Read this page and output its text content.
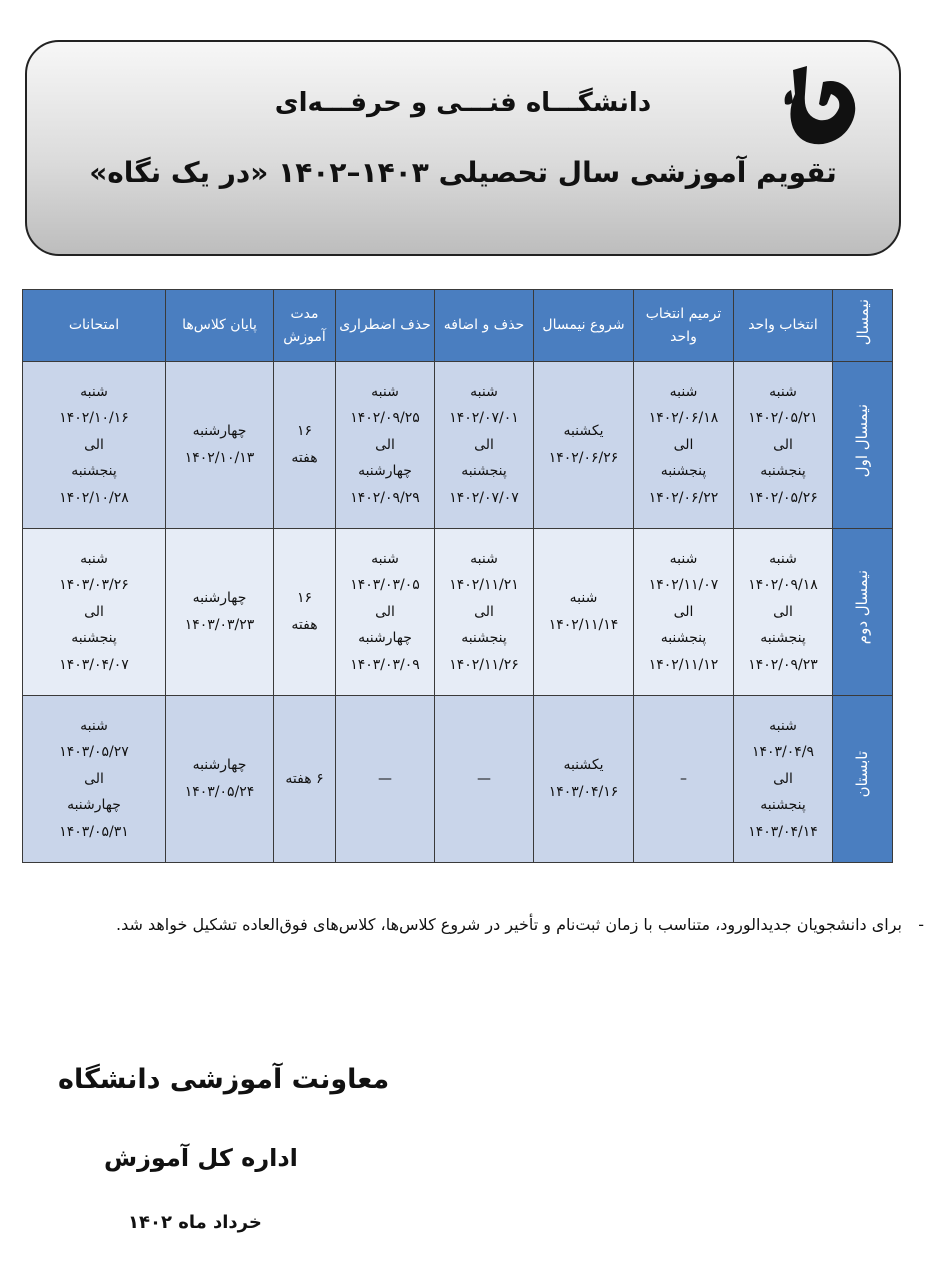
دانشگـــاه فنـــی و حرفـــه‌ای
تقویم آموزشی سال تحصیلی ۱۴۰۳–۱۴۰۲ «در یک نگاه»
نیمسال	انتخاب واحد	ترمیم انتخاب واحد	شروع نیمسال	حذف و اضافه	حذف اضطراری	مدت آموزش	پایان کلاس‌ها	امتحانات
نیمسال اول	شنبه
۱۴۰۲/۰۵/۲۱
الی
پنجشنبه
۱۴۰۲/۰۵/۲۶	شنبه
۱۴۰۲/۰۶/۱۸
الی
پنجشنبه
۱۴۰۲/۰۶/۲۲	یکشنبه
۱۴۰۲/۰۶/۲۶	شنبه
۱۴۰۲/۰۷/۰۱
الی
پنجشنبه
۱۴۰۲/۰۷/۰۷	شنبه
۱۴۰۲/۰۹/۲۵
الی
چهارشنبه
۱۴۰۲/۰۹/۲۹	۱۶
هفته	چهارشنبه
۱۴۰۲/۱۰/۱۳	شنبه
۱۴۰۲/۱۰/۱۶
الی
پنجشنبه
۱۴۰۲/۱۰/۲۸

نیمسال دوم	شنبه
۱۴۰۲/۰۹/۱۸
الی
پنجشنبه
۱۴۰۲/۰۹/۲۳	شنبه
۱۴۰۲/۱۱/۰۷
الی
پنجشنبه
۱۴۰۲/۱۱/۱۲	شنبه
۱۴۰۲/۱۱/۱۴	شنبه
۱۴۰۲/۱۱/۲۱
الی
پنجشنبه
۱۴۰۲/۱۱/۲۶	شنبه
۱۴۰۳/۰۳/۰۵
الی
چهارشنبه
۱۴۰۳/۰۳/۰۹	۱۶
هفته	چهارشنبه
۱۴۰۳/۰۳/۲۳	شنبه
۱۴۰۳/۰۳/۲۶
الی
پنجشنبه
۱۴۰۳/۰۴/۰۷

تابستان	شنبه
۱۴۰۳/۰۴/۹
الی
پنجشنبه
۱۴۰۳/۰۴/۱۴	–	یکشنبه
۱۴۰۳/۰۴/۱۶	—	—	۶ هفته	چهارشنبه
۱۴۰۳/۰۵/۲۴	شنبه
۱۴۰۳/۰۵/۲۷
الی
چهارشنبه
۱۴۰۳/۰۵/۳۱
-
برای دانشجویان جدیدالورود، متناسب با زمان ثبت‌نام و تأخیر در شروع کلاس‌ها، کلاس‌های فوق‌العاده تشکیل خواهد شد.
معاونت آموزشی دانشگاه
اداره کل آموزش
خرداد ماه ۱۴۰۲
